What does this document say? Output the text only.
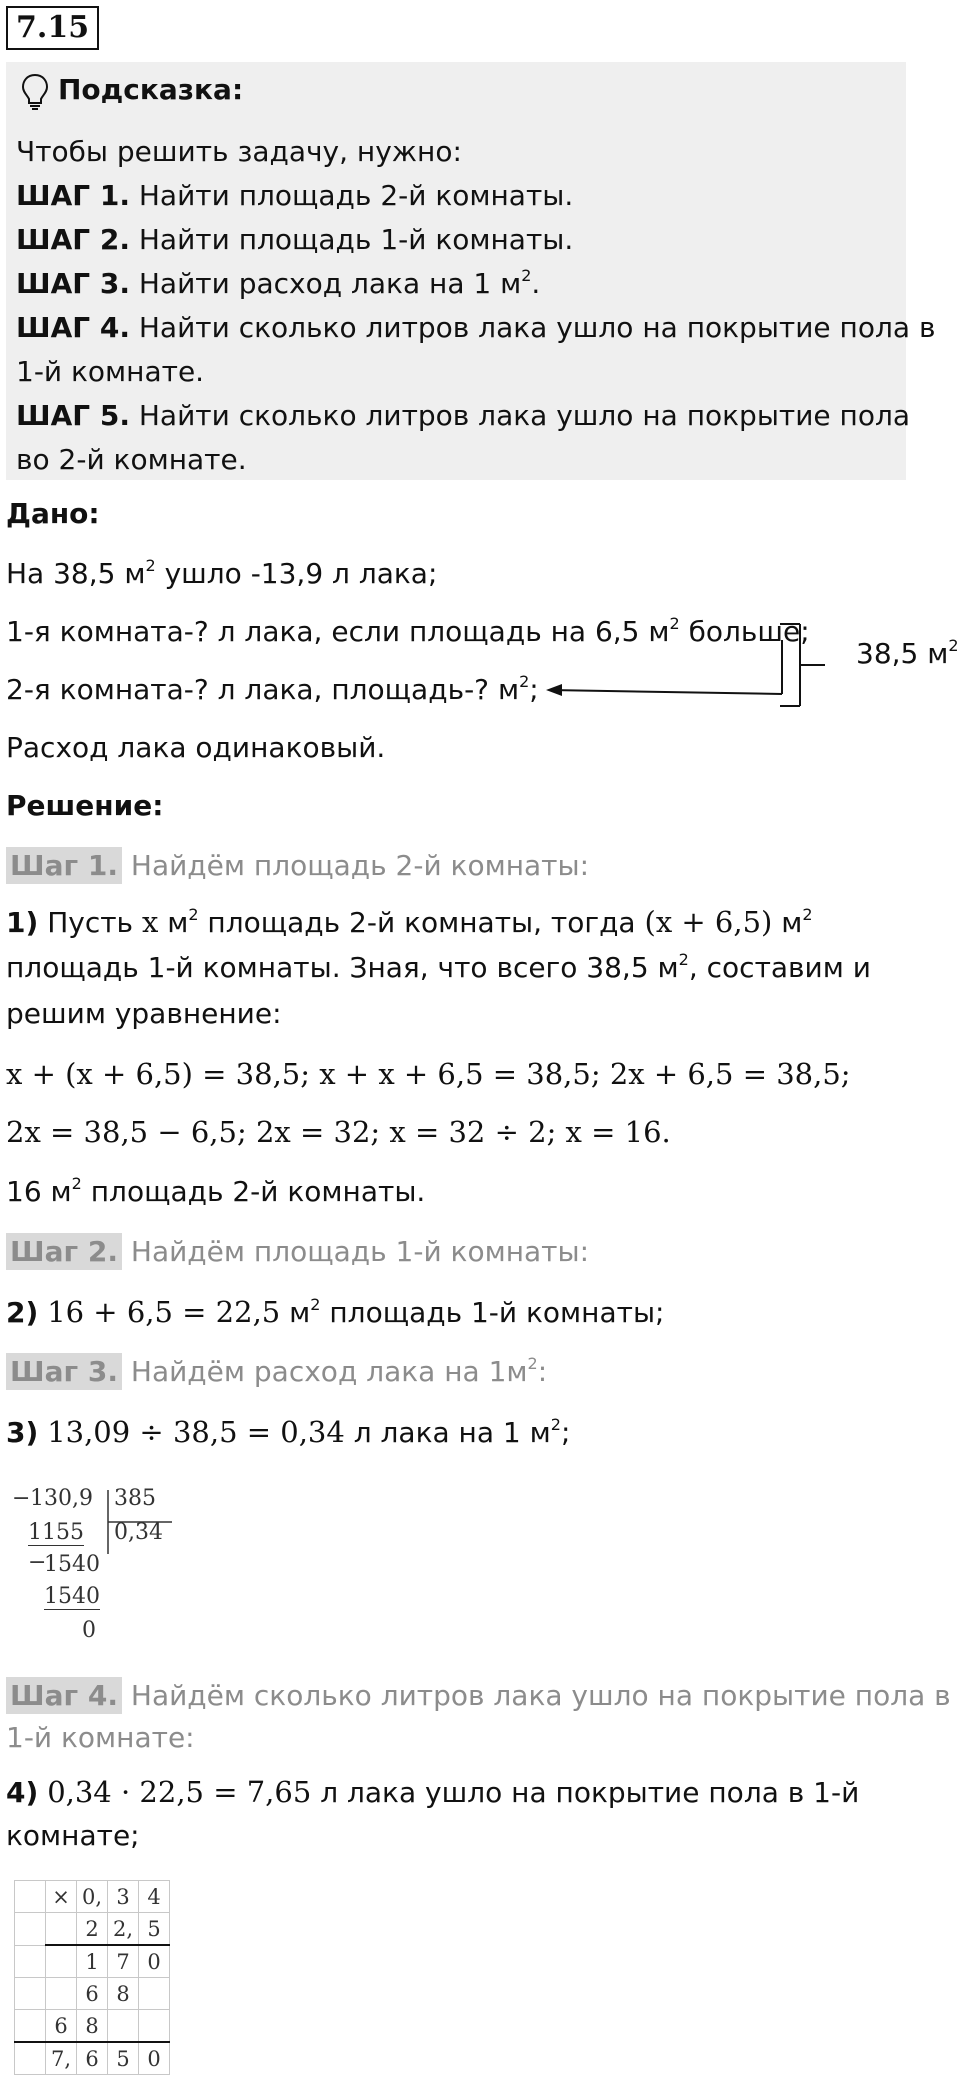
7.15
Подсказка:
Чтобы решить задачу, нужно:
ШАГ 1. Найти площадь 2-й комнаты.
ШАГ 2. Найти площадь 1-й комнаты.
ШАГ 3. Найти расход лака на 1 $м^2$.
ШАГ 4. Найти сколько литров лака ушло на покрытие пола в
1-й комнате.
ШАГ 5. Найти сколько литров лака ушло на покрытие пола
во 2-й комнате.
Дано:
На 38,5 $м^2$ ушло -13,9 л лака;
1-я комната-? л лака, если площадь на 6,5 $м^2$ больше;
2-я комната-? л лака, площадь-? $м^2$;
38,5 $м^2$
Расход лака одинаковый.
Решение:
Шаг 1. Найдём площадь 2-й комнаты:
1) Пусть x $м^2$ площадь 2-й комнаты, тогда (x + 6,5) $м^2$
площадь 1-й комнаты. Зная, что всего 38,5 $м^2$, составим и
решим уравнение:
x + (x + 6,5) = 38,5; x + x + 6,5 = 38,5; 2x + 6,5 = 38,5;
2x = 38,5 − 6,5; 2x = 32; x = 32 ÷ 2; x = 16.
16 $м^2$ площадь 2-й комнаты.
Шаг 2. Найдём площадь 1-й комнаты:
2) 16 + 6,5 = 22,5 $м^2$ площадь 1-й комнаты;
Шаг 3. Найдём расход лака на $1м^2$:
3) 13,09 ÷ 38,5 = 0,34 л лака на 1 $м^2$;
− 130,9 385
1155 0,34
−
1540
1540
0
Шаг 4. Найдём сколько литров лака ушло на покрытие пола в
1-й комнате:
4) 0,34 · 22,5 = 7,65 л лака ушло на покрытие пола в 1-й
комнате;
	×	0,	3	4
		2	2,	5
		1	7	0
		6	8	
	6	8		
	7,	6	5	0
